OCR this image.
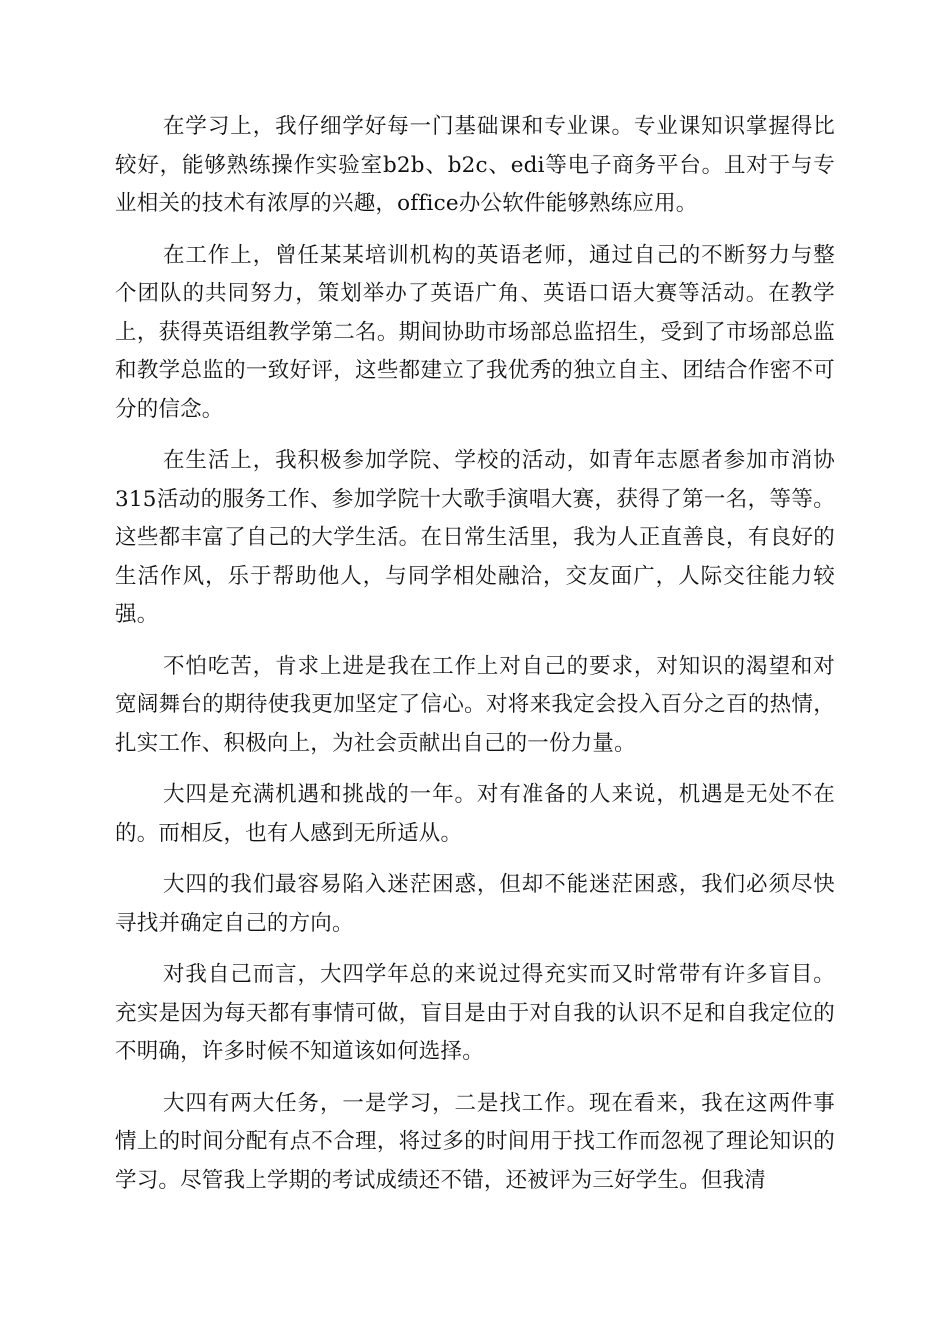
在学习上，我仔细学好每一门基础课和专业课。专业课知识掌握得比较好，能够熟练操作实验室b2b、b2c、edi等电子商务平台。且对于与专业相关的技术有浓厚的兴趣，office办公软件能够熟练应用。

在工作上，曾任某某培训机构的英语老师，通过自己的不断努力与整个团队的共同努力，策划举办了英语广角、英语口语大赛等活动。在教学上，获得英语组教学第二名。期间协助市场部总监招生，受到了市场部总监和教学总监的一致好评，这些都建立了我优秀的独立自主、团结合作密不可分的信念。

在生活上，我积极参加学院、学校的活动，如青年志愿者参加市消协315活动的服务工作、参加学院十大歌手演唱大赛，获得了第一名，等等。这些都丰富了自己的大学生活。在日常生活里，我为人正直善良，有良好的生活作风，乐于帮助他人，与同学相处融洽，交友面广，人际交往能力较强。

不怕吃苦，肯求上进是我在工作上对自己的要求，对知识的渴望和对宽阔舞台的期待使我更加坚定了信心。对将来我定会投入百分之百的热情，扎实工作、积极向上，为社会贡献出自己的一份力量。

大四是充满机遇和挑战的一年。对有准备的人来说，机遇是无处不在的。而相反，也有人感到无所适从。

大四的我们最容易陷入迷茫困惑，但却不能迷茫困惑，我们必须尽快寻找并确定自己的方向。

对我自己而言，大四学年总的来说过得充实而又时常带有许多盲目。充实是因为每天都有事情可做，盲目是由于对自我的认识不足和自我定位的不明确，许多时候不知道该如何选择。

大四有两大任务，一是学习，二是找工作。现在看来，我在这两件事情上的时间分配有点不合理，将过多的时间用于找工作而忽视了理论知识的学习。尽管我上学期的考试成绩还不错，还被评为三好学生。但我清
